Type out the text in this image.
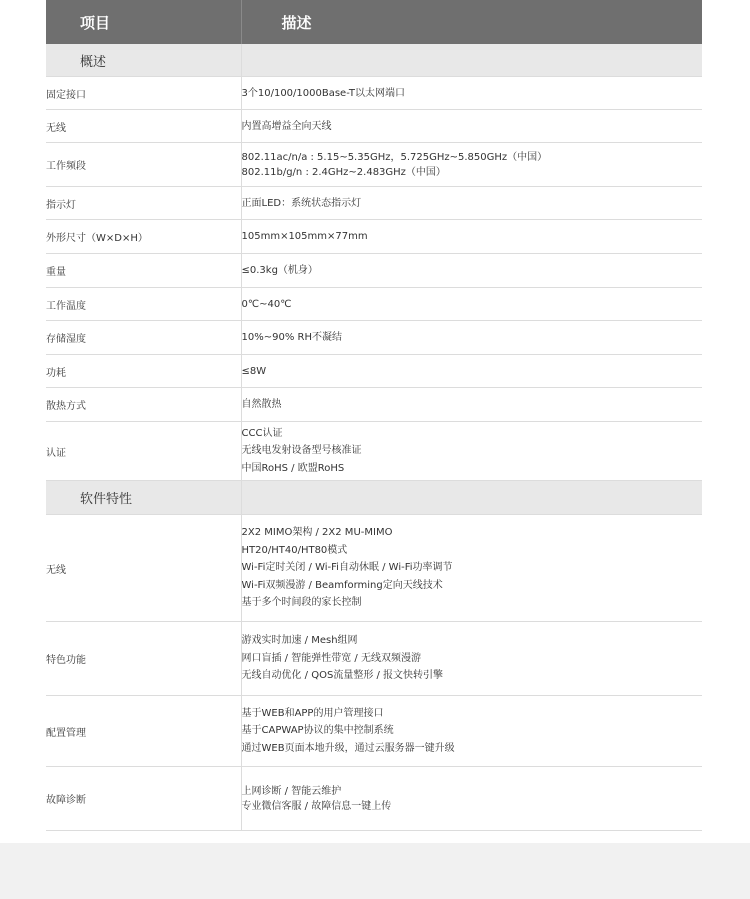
项目	描述
概述	
固定接口	3个10/100/1000Base-T以太网端口

无线	内置高增益全向天线

工作频段	802.11ac/n/a : 5.15~5.35GHz，5.725GHz~5.850GHz（中国）
802.11b/g/n : 2.4GHz~2.483GHz（中国）

指示灯	正面LED：系统状态指示灯

外形尺寸（W×D×H）	105mm×105mm×77mm

重量	≤0.3kg（机身）

工作温度	0℃~40℃

存储湿度	10%~90% RH不凝结

功耗	≤8W

散热方式	自然散热

认证	CCC认证
无线电发射设备型号核准证
中国RoHS / 欧盟RoHS

软件特性	
无线	2X2 MIMO架构 / 2X2 MU-MIMO
HT20/HT40/HT80模式
Wi-Fi定时关闭 / Wi-Fi自动休眠 / Wi-Fi功率调节
Wi-Fi双频漫游 / Beamforming定向天线技术
基于多个时间段的家长控制

特色功能	游戏实时加速 / Mesh组网
网口盲插 / 智能弹性带宽 / 无线双频漫游
无线自动优化 / QOS流量整形 / 报文快转引擎

配置管理	基于WEB和APP的用户管理接口
基于CAPWAP协议的集中控制系统
通过WEB页面本地升级，通过云服务器一键升级

故障诊断	上网诊断 / 智能云维护
专业微信客服 / 故障信息一键上传
